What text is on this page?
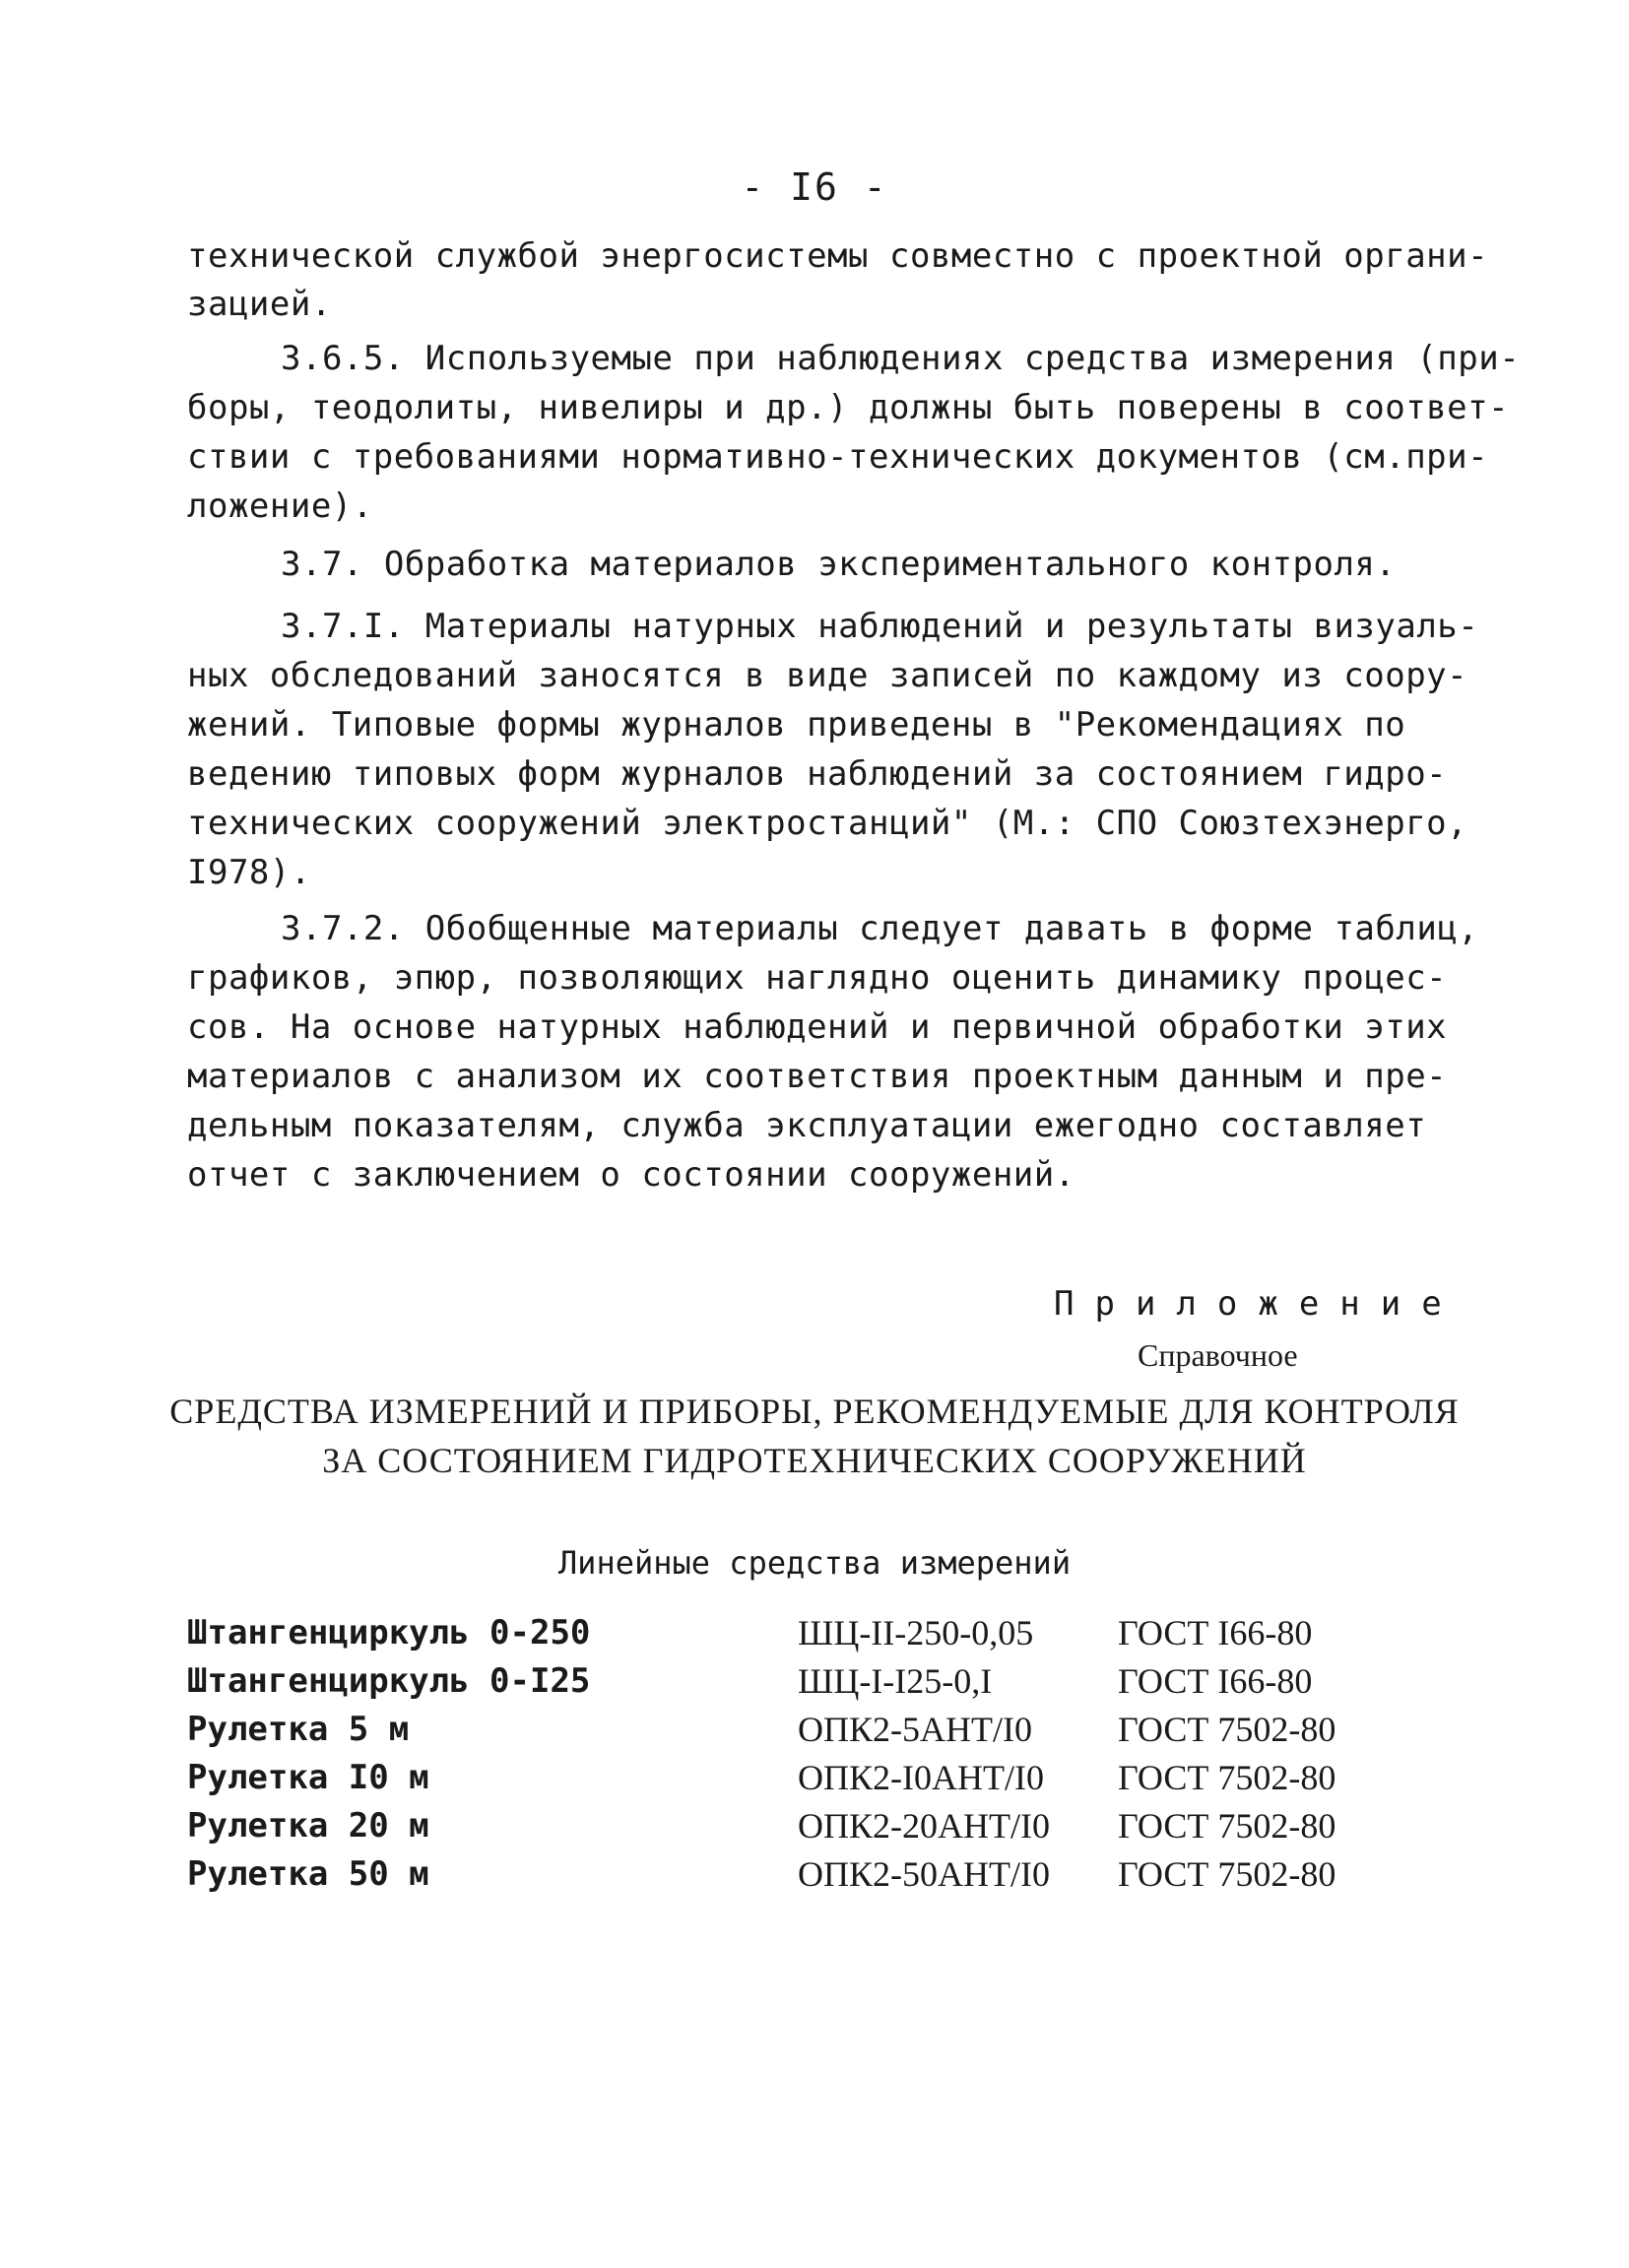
- I6 -
технической службой энергосистемы совместно с проектной органи-
зацией.
3.6.5. Используемые при наблюдениях средства измерения (при-
боры, теодолиты, нивелиры и др.) должны быть поверены в соответ-
ствии с требованиями нормативно-технических документов (см.при-
ложение).
3.7. Обработка материалов экспериментального контроля.
3.7.I. Материалы натурных наблюдений и результаты визуаль-
ных обследований заносятся в виде записей по каждому из соору-
жений. Типовые формы журналов приведены в "Рекомендациях по
ведению типовых форм журналов наблюдений за состоянием гидро-
технических сооружений электростанций" (М.: СПО Союзтехэнерго,
I978).
3.7.2. Обобщенные материалы следует давать в форме таблиц,
графиков, эпюр, позволяющих наглядно оценить динамику процес-
сов. На основе натурных наблюдений и первичной обработки этих
материалов с анализом их соответствия проектным данным и пре-
дельным показателям, служба эксплуатации ежегодно составляет
отчет с заключением о состоянии сооружений.
Приложение
Справочное
СРЕДСТВА ИЗМЕРЕНИЙ И ПРИБОРЫ, РЕКОМЕНДУЕМЫЕ ДЛЯ КОНТРОЛЯ
ЗА СОСТОЯНИЕМ ГИДРОТЕХНИЧЕСКИХ СООРУЖЕНИЙ
Линейные средства измерений
Штангенциркуль 0-250	ШЦ-II-250-0,05 ГОСТ I66-80
Штангенциркуль 0-I25	ШЦ-I-I25-0,I	ГОСТ I66-80
Рулетка 5 м	ОПК2-5АНТ/I0 ГОСТ 7502-80
Рулетка I0 м	ОПК2-I0АНТ/I0 ГОСТ 7502-80
Рулетка 20 м	ОПК2-20АНТ/I0 ГОСТ 7502-80
Рулетка 50 м	ОПК2-50АНТ/I0 ГОСТ 7502-80
